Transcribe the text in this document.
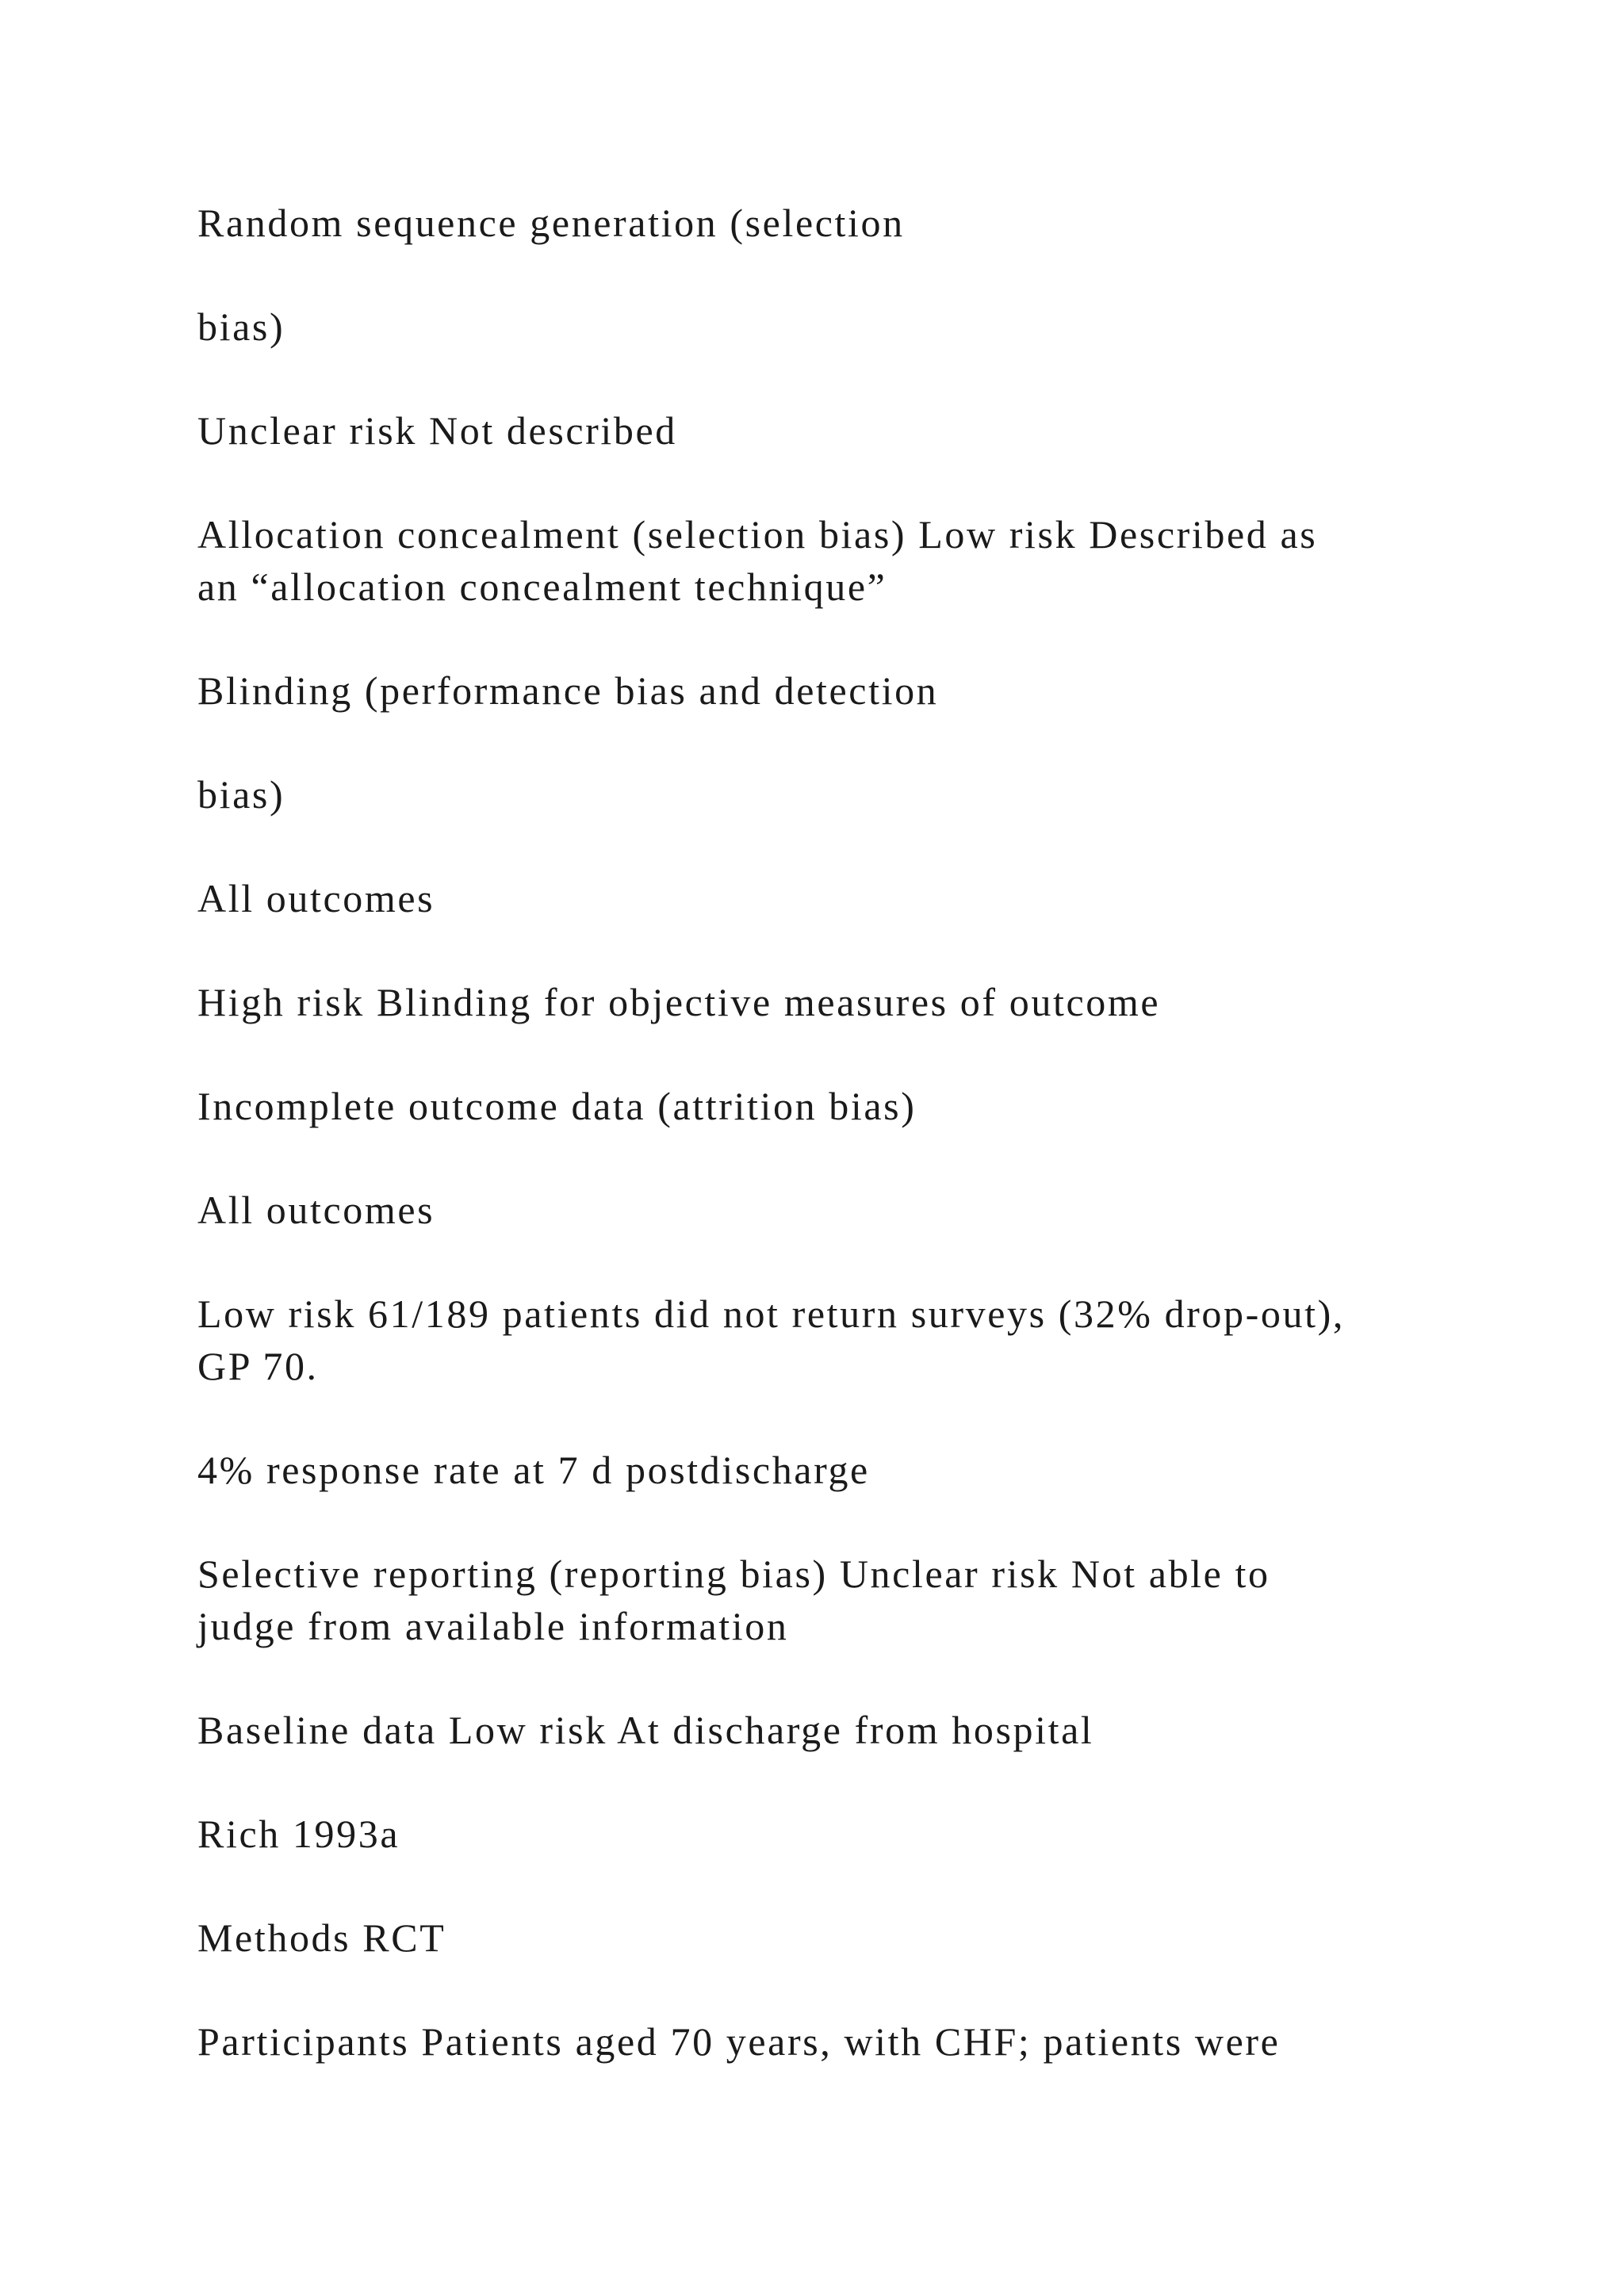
Random sequence generation (selection

bias)

Unclear risk Not described

Allocation concealment (selection bias) Low risk Described as
an “allocation concealment technique”

Blinding (performance bias and detection

bias)

All outcomes

High risk Blinding for objective measures of outcome

Incomplete outcome data (attrition bias)

All outcomes

Low risk 61/189 patients did not return surveys (32% drop-out),
GP 70.

4% response rate at 7 d postdischarge

Selective reporting (reporting bias) Unclear risk Not able to
judge from available information

Baseline data Low risk At discharge from hospital

Rich 1993a

Methods RCT

Participants Patients aged 70 years, with CHF; patients were
